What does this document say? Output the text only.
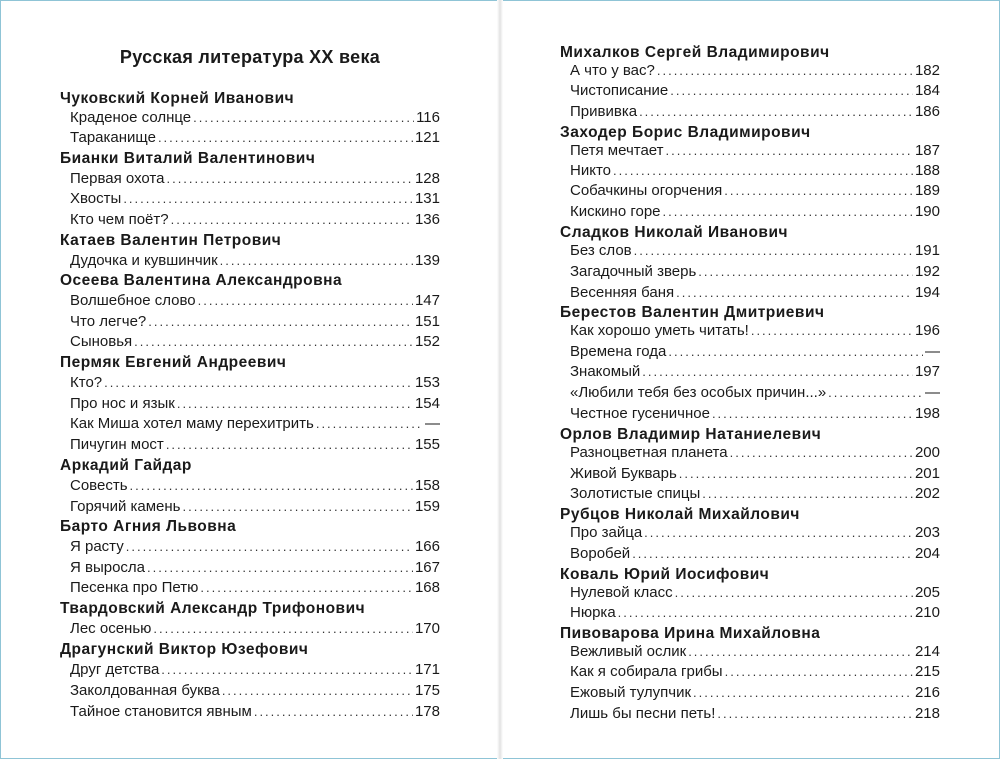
Русская литература XX века
Чуковский Корней Иванович
Краденое солнце .....	116
Тараканище .....	121
Бианки Виталий Валентинович
Первая охота .....	128
Хвосты .....	131
Кто чем поёт? .....	136
Катаев Валентин Петрович
Дудочка и кувшинчик .....	139
Осеева Валентина Александровна
Волшебное слово .....	147
Что легче? .....	151
Сыновья .....	152
Пермяк Евгений Андреевич
Кто? .....	153
Про нос и язык .....	154
Как Миша хотел маму перехитрить .....	—
Пичугин мост .....	155
Аркадий Гайдар
Совесть .....	158
Горячий камень .....	159
Барто Агния Львовна
Я расту .....	166
Я выросла .....	167
Песенка про Петю .....	168
Твардовский Александр Трифонович
Лес осенью .....	170
Драгунский Виктор Юзефович
Друг детства .....	171
Заколдованная буква .....	175
Тайное становится явным .....	178
Михалков Сергей Владимирович
А что у вас? .....	182
Чистописание .....	184
Прививка .....	186
Заходер Борис Владимирович
Петя мечтает .....	187
Никто .....	188
Собачкины огорчения .....	189
Кискино горе .....	190
Сладков Николай Иванович
Без слов .....	191
Загадочный зверь .....	192
Весенняя баня .....	194
Берестов Валентин Дмитриевич
Как хорошо уметь читать! .....	196
Времена года .....	—
Знакомый .....	197
«Любили тебя без особых причин...» .....	—
Честное гусеничное .....	198
Орлов Владимир Натаниелевич
Разноцветная планета .....	200
Живой Букварь .....	201
Золотистые спицы .....	202
Рубцов Николай Михайлович
Про зайца .....	203
Воробей .....	204
Коваль Юрий Иосифович
Нулевой класс .....	205
Нюрка .....	210
Пивоварова Ирина Михайловна
Вежливый ослик .....	214
Как я собирала грибы .....	215
Ежовый тулупчик .....	216
Лишь бы песни петь! .....	218
